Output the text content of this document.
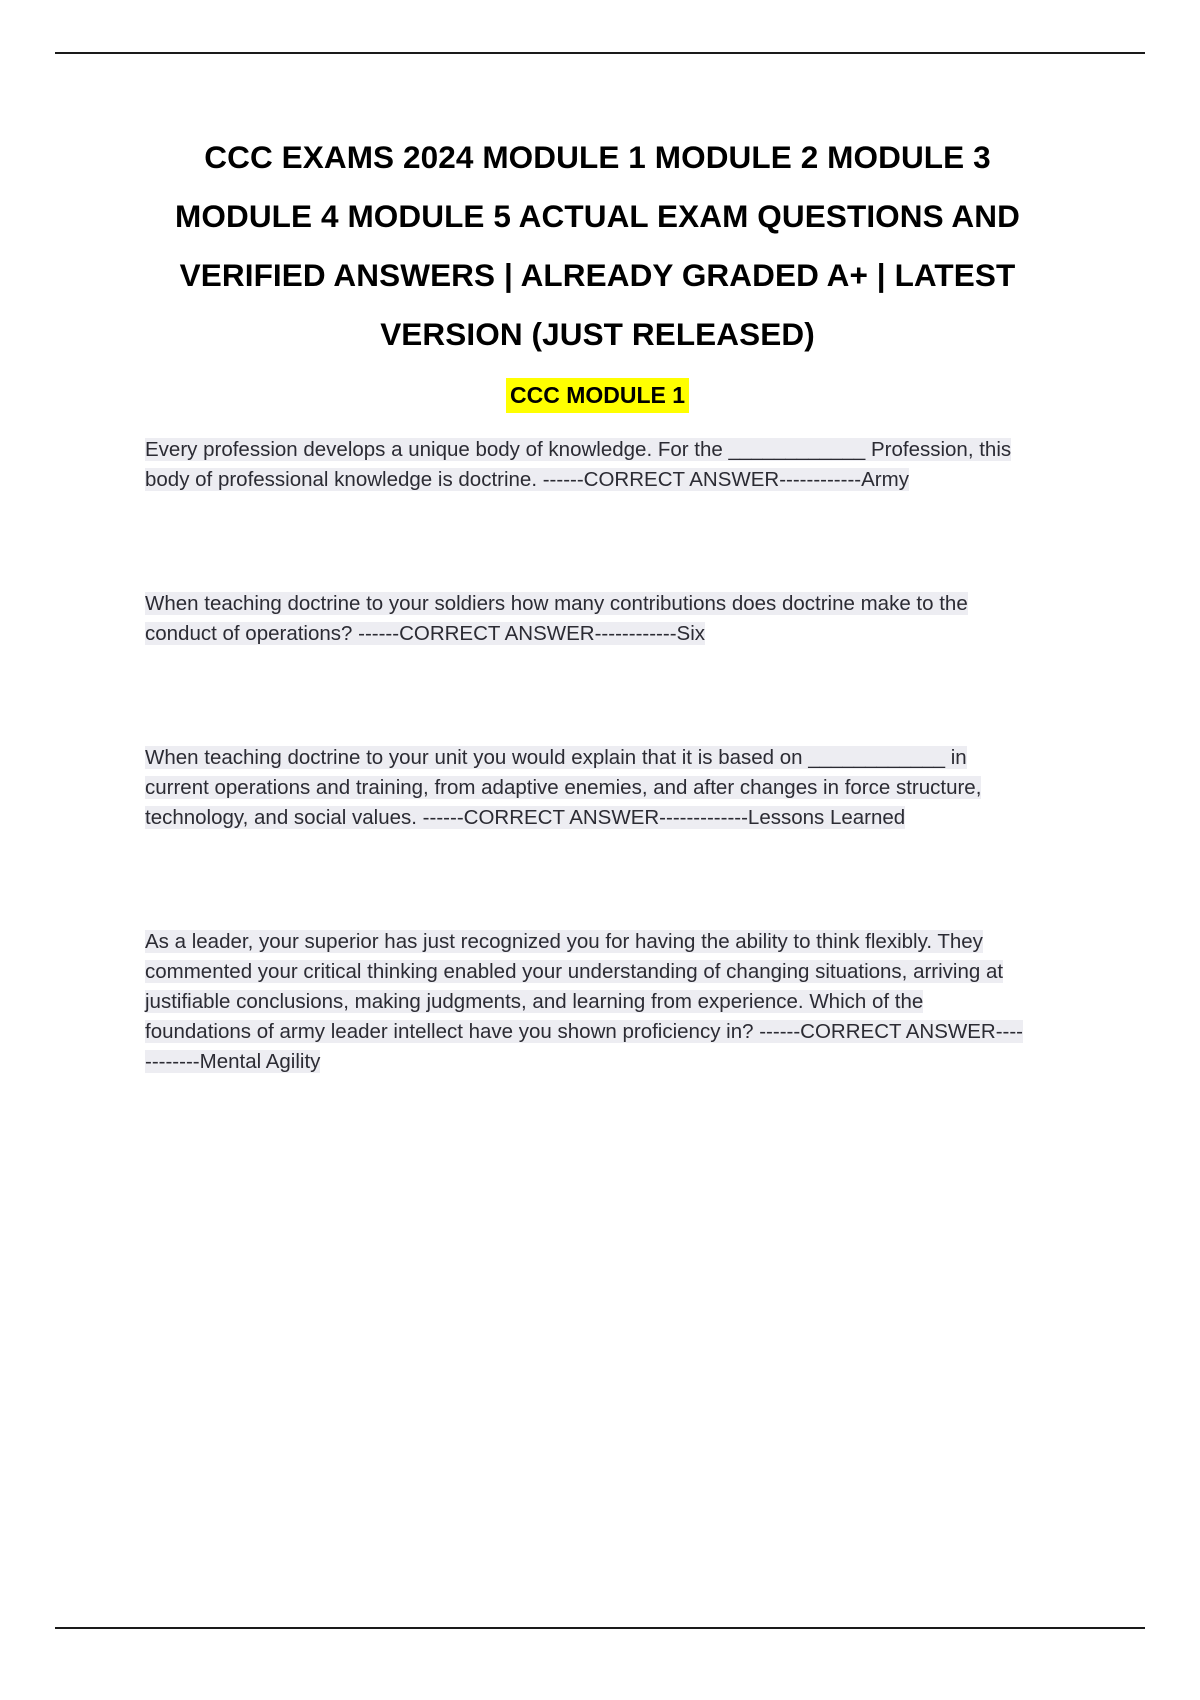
CCC EXAMS 2024 MODULE 1 MODULE 2 MODULE 3 MODULE 4 MODULE 5 ACTUAL EXAM QUESTIONS AND VERIFIED ANSWERS | ALREADY GRADED A+ | LATEST VERSION (JUST RELEASED)
CCC MODULE 1

Every profession develops a unique body of knowledge. For the ____________ Profession, this body of professional knowledge is doctrine. ------CORRECT ANSWER------------Army

When teaching doctrine to your soldiers how many contributions does doctrine make to the conduct of operations? ------CORRECT ANSWER------------Six

When teaching doctrine to your unit you would explain that it is based on ____________ in current operations and training, from adaptive enemies, and after changes in force structure, technology, and social values. ------CORRECT ANSWER-------------Lessons Learned

As a leader, your superior has just recognized you for having the ability to think flexibly. They commented your critical thinking enabled your understanding of changing situations, arriving at justifiable conclusions, making judgments, and learning from experience. Which of the foundations of army leader intellect have you shown proficiency in? ------CORRECT ANSWER------------Mental Agility
